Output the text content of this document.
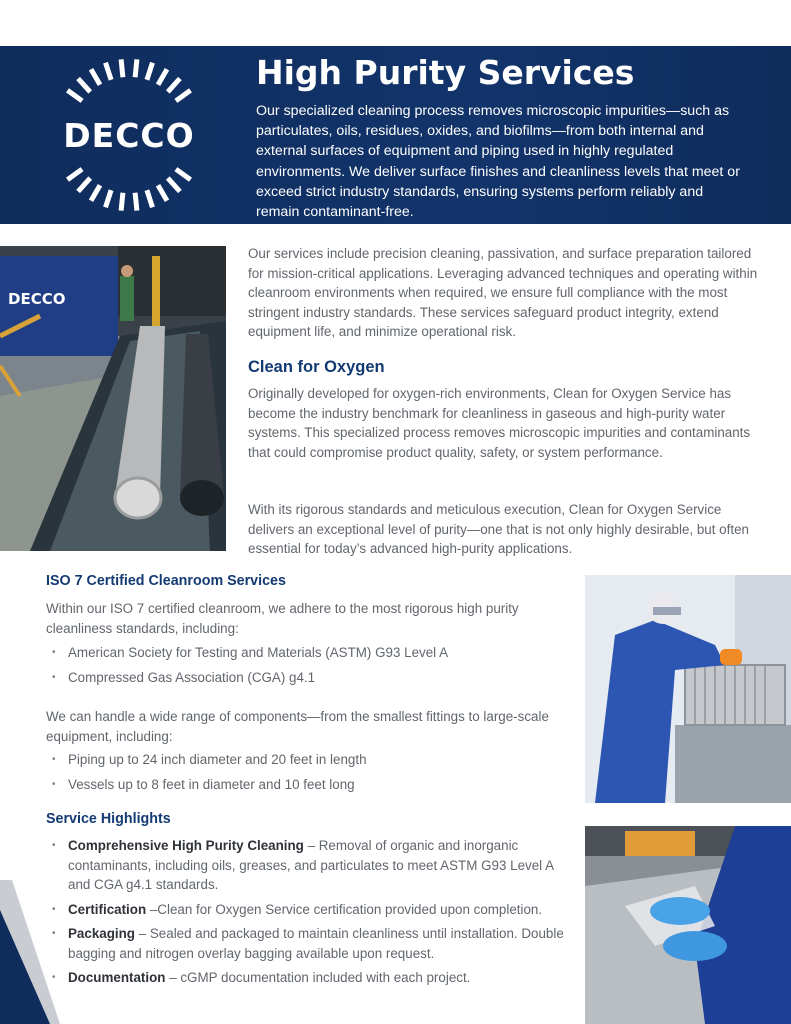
DECCO
High Purity Services
Our specialized cleaning process removes microscopic impurities—such as particulates, oils, residues, oxides, and biofilms—from both internal and external surfaces of equipment and piping used in highly regulated environments. We deliver surface finishes and cleanliness levels that meet or exceed strict industry standards, ensuring systems perform reliably and remain contaminant-free.
DECCO
Our services include precision cleaning, passivation, and surface preparation tailored for mission-critical applications. Leveraging advanced techniques and operating within cleanroom environments when required, we ensure full compliance with the most stringent industry standards. These services safeguard product integrity, extend equipment life, and minimize operational risk.
Clean for Oxygen
Originally developed for oxygen-rich environments, Clean for Oxygen Service has become the industry benchmark for cleanliness in gaseous and high-purity water systems. This specialized process removes microscopic impurities and contaminants that could compromise product quality, safety, or system performance.
With its rigorous standards and meticulous execution, Clean for Oxygen Service delivers an exceptional level of purity—one that is not only highly desirable, but often essential for today’s advanced high-purity applications.
ISO 7 Certified Cleanroom Services
Within our ISO 7 certified cleanroom, we adhere to the most rigorous high purity cleanliness standards, including:
• American Society for Testing and Materials (ASTM) G93 Level A
• Compressed Gas Association (CGA) g4.1
We can handle a wide range of components—from the smallest fittings to large-scale equipment, including:
• Piping up to 24 inch diameter and 20 feet in length
• Vessels up to 8 feet in diameter and 10 feet long
Service Highlights
• Comprehensive High Purity Cleaning – Removal of organic and inorganic contaminants, including oils, greases, and particulates to meet ASTM G93 Level A and CGA g4.1 standards.
• Certification –Clean for Oxygen Service certification provided upon completion.
• Packaging – Sealed and packaged to maintain cleanliness until installation. Double bagging and nitrogen overlay bagging available upon request.
• Documentation – cGMP documentation included with each project.
